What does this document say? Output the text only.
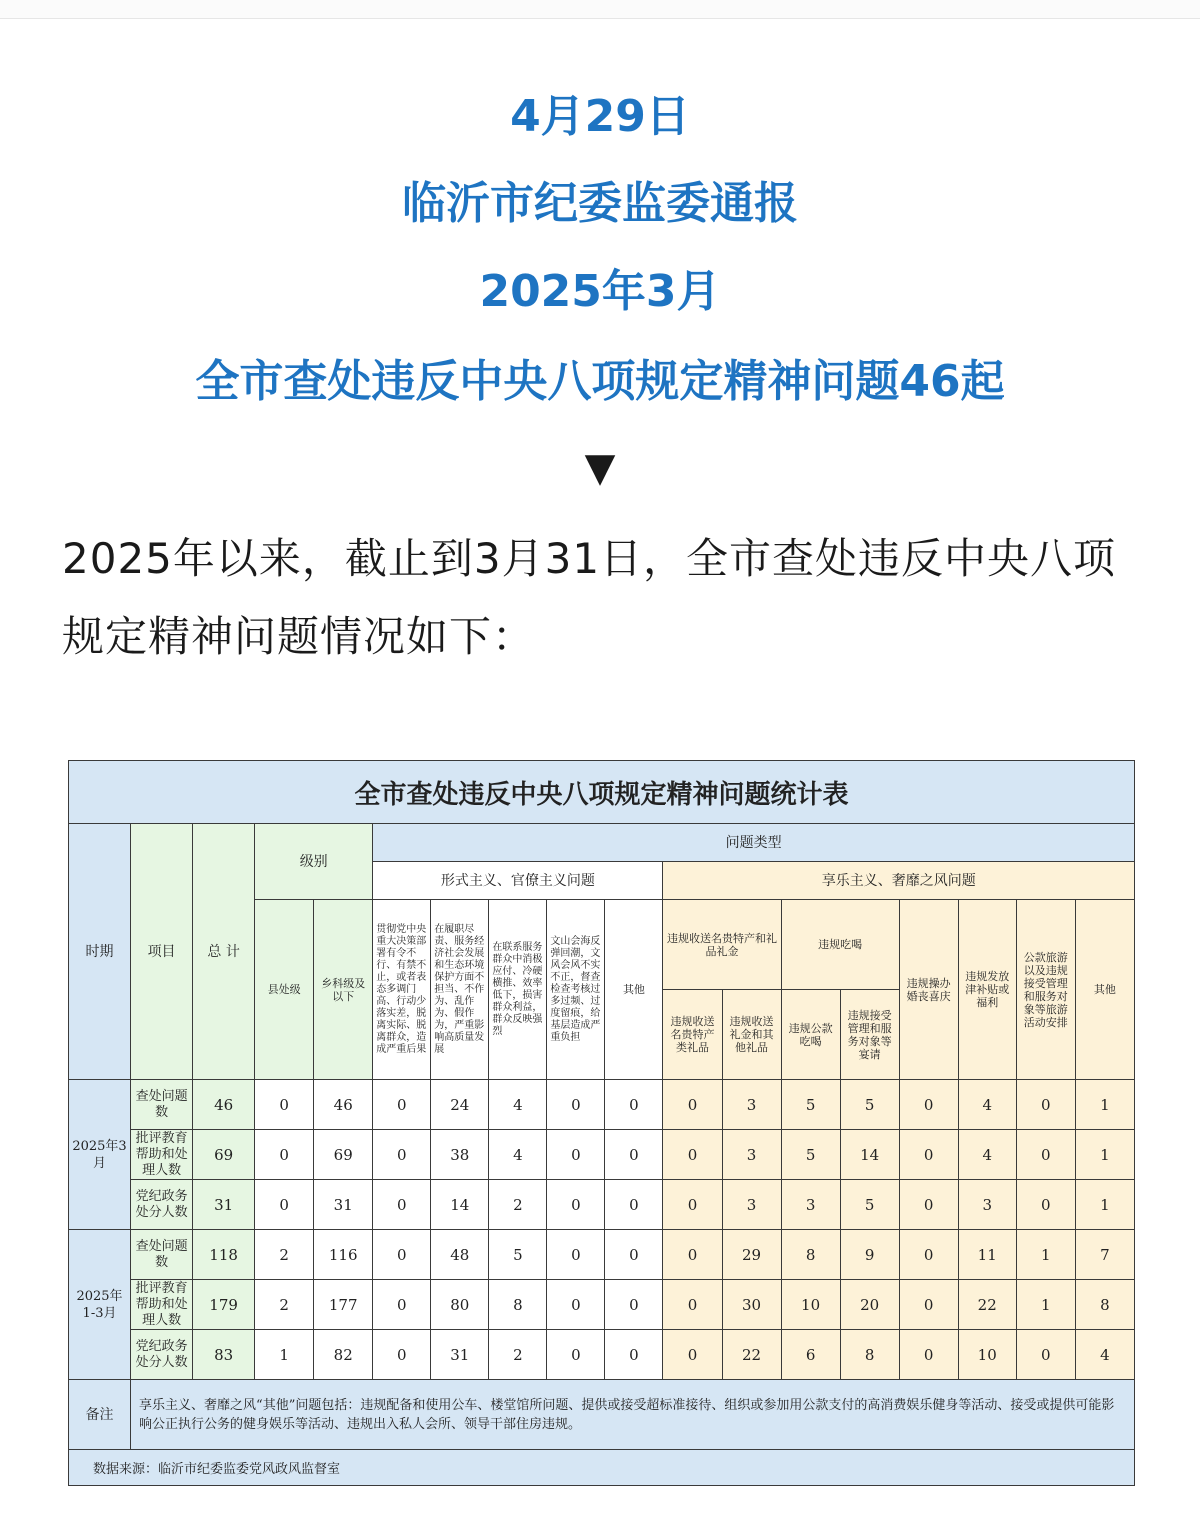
4月29日
临沂市纪委监委通报
2025年3月
全市查处违反中央八项规定精神问题46起
▼
2025年以来，截止到3月31日，全市查处违反中央八项规定精神问题情况如下：
全市查处违反中央八项规定精神问题统计表																	
时期	项目	总 计	级别		问题类型												
					形式主义、官僚主义问题					享乐主义、奢靡之风问题							
			县处级	乡科级及以下	贯彻党中央重大决策部署有令不行、有禁不止，或者表态多调门高、行动少落实差，脱离实际、脱离群众，造成严重后果	在履职尽责、服务经济社会发展和生态环境保护方面不担当、不作为、乱作为、假作为，严重影响高质量发展	在联系服务群众中消极应付、冷硬横推、效率低下，损害群众利益，群众反映强烈	文山会海反弹回潮，文风会风不实不正，督查检查考核过多过频、过度留痕，给基层造成严重负担	其他	违规收送名贵特产和礼品礼金		违规吃喝		违规操办婚丧喜庆	违规发放津补贴或福利	公款旅游以及违规接受管理和服务对象等旅游活动安排	其他
										违规收送名贵特产类礼品	违规收送礼金和其他礼品	违规公款吃喝	违规接受管理和服务对象等宴请				
2025年3月	查处问题数	46	0	46	0	24	4	0	0	0	3	5	5	0	4	0	1
	批评教育帮助和处理人数	69	0	69	0	38	4	0	0	0	3	5	14	0	4	0	1
	党纪政务处分人数	31	0	31	0	14	2	0	0	0	3	3	5	0	3	0	1
2025年1-3月	查处问题数	118	2	116	0	48	5	0	0	0	29	8	9	0	11	1	7
	批评教育帮助和处理人数	179	2	177	0	80	8	0	0	0	30	10	20	0	22	1	8
	党纪政务处分人数	83	1	82	0	31	2	0	0	0	22	6	8	0	10	0	4
备注	享乐主义、奢靡之风“其他”问题包括：违规配备和使用公车、楼堂馆所问题、提供或接受超标准接待、组织或参加用公款支付的高消费娱乐健身等活动、接受或提供可能影响公正执行公务的健身娱乐等活动、违规出入私人会所、领导干部住房违规。																
数据来源：临沂市纪委监委党风政风监督室																	
